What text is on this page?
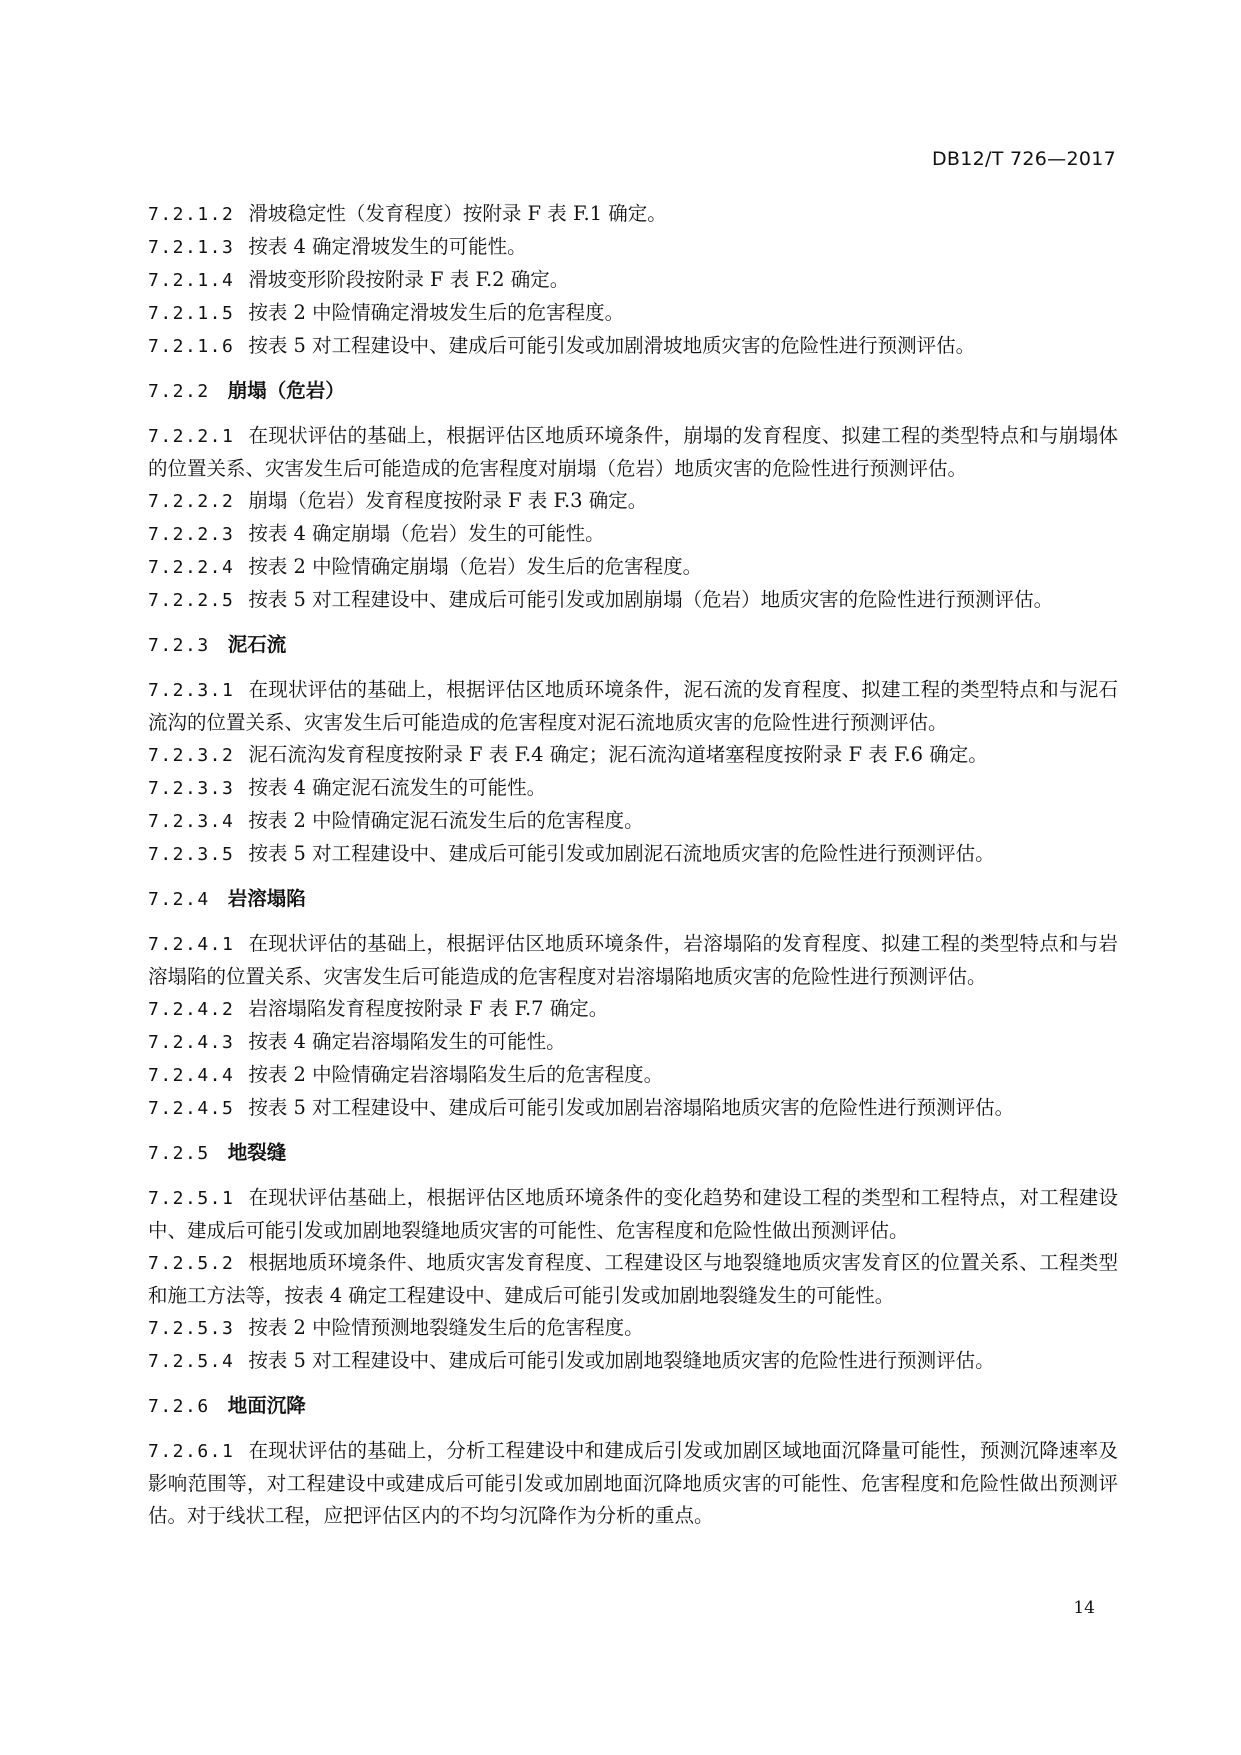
DB12/T 726—2017

7.2.1.2 滑坡稳定性（发育程度）按附录 F 表 F.1 确定。

7.2.1.3 按表 4 确定滑坡发生的可能性。

7.2.1.4 滑坡变形阶段按附录 F 表 F.2 确定。

7.2.1.5 按表 2 中险情确定滑坡发生后的危害程度。

7.2.1.6 按表 5 对工程建设中、建成后可能引发或加剧滑坡地质灾害的危险性进行预测评估。

7.2.2 崩塌（危岩）

7.2.2.1 在现状评估的基础上，根据评估区地质环境条件，崩塌的发育程度、拟建工程的类型特点和与崩塌体的位置关系、灾害发生后可能造成的危害程度对崩塌（危岩）地质灾害的危险性进行预测评估。

7.2.2.2 崩塌（危岩）发育程度按附录 F 表 F.3 确定。

7.2.2.3 按表 4 确定崩塌（危岩）发生的可能性。

7.2.2.4 按表 2 中险情确定崩塌（危岩）发生后的危害程度。

7.2.2.5 按表 5 对工程建设中、建成后可能引发或加剧崩塌（危岩）地质灾害的危险性进行预测评估。

7.2.3 泥石流

7.2.3.1 在现状评估的基础上，根据评估区地质环境条件，泥石流的发育程度、拟建工程的类型特点和与泥石流沟的位置关系、灾害发生后可能造成的危害程度对泥石流地质灾害的危险性进行预测评估。

7.2.3.2 泥石流沟发育程度按附录 F 表 F.4 确定；泥石流沟道堵塞程度按附录 F 表 F.6 确定。

7.2.3.3 按表 4 确定泥石流发生的可能性。

7.2.3.4 按表 2 中险情确定泥石流发生后的危害程度。

7.2.3.5 按表 5 对工程建设中、建成后可能引发或加剧泥石流地质灾害的危险性进行预测评估。

7.2.4 岩溶塌陷

7.2.4.1 在现状评估的基础上，根据评估区地质环境条件，岩溶塌陷的发育程度、拟建工程的类型特点和与岩溶塌陷的位置关系、灾害发生后可能造成的危害程度对岩溶塌陷地质灾害的危险性进行预测评估。

7.2.4.2 岩溶塌陷发育程度按附录 F 表 F.7 确定。

7.2.4.3 按表 4 确定岩溶塌陷发生的可能性。

7.2.4.4 按表 2 中险情确定岩溶塌陷发生后的危害程度。

7.2.4.5 按表 5 对工程建设中、建成后可能引发或加剧岩溶塌陷地质灾害的危险性进行预测评估。

7.2.5 地裂缝

7.2.5.1 在现状评估基础上，根据评估区地质环境条件的变化趋势和建设工程的类型和工程特点，对工程建设中、建成后可能引发或加剧地裂缝地质灾害的可能性、危害程度和危险性做出预测评估。

7.2.5.2 根据地质环境条件、地质灾害发育程度、工程建设区与地裂缝地质灾害发育区的位置关系、工程类型和施工方法等，按表 4 确定工程建设中、建成后可能引发或加剧地裂缝发生的可能性。

7.2.5.3 按表 2 中险情预测地裂缝发生后的危害程度。

7.2.5.4 按表 5 对工程建设中、建成后可能引发或加剧地裂缝地质灾害的危险性进行预测评估。

7.2.6 地面沉降

7.2.6.1 在现状评估的基础上，分析工程建设中和建成后引发或加剧区域地面沉降量可能性，预测沉降速率及影响范围等，对工程建设中或建成后可能引发或加剧地面沉降地质灾害的可能性、危害程度和危险性做出预测评估。对于线状工程，应把评估区内的不均匀沉降作为分析的重点。

14
